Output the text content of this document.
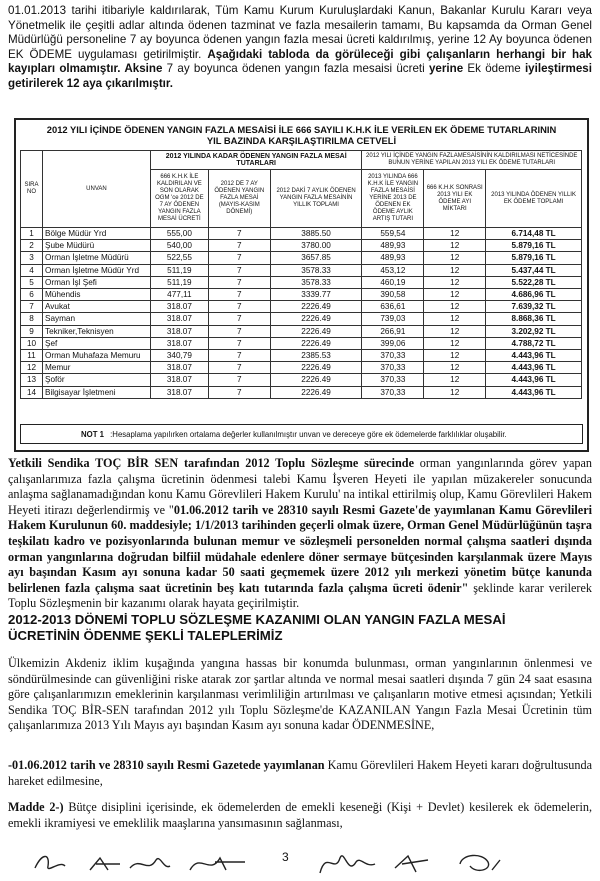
01.01.2013 tarihi itibariyle kaldırılarak, Tüm Kamu Kurum Kuruluşlardaki Kanun, Bakanlar Kurulu Kararı veya Yönetmelik ile çeşitli adlar altında ödenen tazminat ve fazla mesailerin tamamı, Bu kapsamda da Orman Genel Müdürlüğü personeline 7 ay boyunca ödenen yangın fazla mesai ücreti kaldırılmış, yerine 12 Ay boyunca ödenen EK ÖDEME uygulaması getirilmiştir. Aşağıdaki tabloda da görüleceği gibi çalışanların herhangi bir hak kayıpları olmamıştır. Aksine 7 ay boyunca ödenen yangın fazla mesaisi ücreti yerine Ek ödeme iyileştirmesi getirilerek 12 aya çıkarılmıştır.

2012 YILI İÇİNDE ÖDENEN YANGIN FAZLA MESAİSİ İLE 666 SAYILI K.H.K İLE VERİLEN EK ÖDEME TUTARLARININ
YIL BAZINDA KARŞILAŞTIRILMA CETVELİ
SIRA NO	UNVAN	2012 YILINDA KADAR ÖDENEN YANGIN FAZLA MESAİ TUTARLARI			2012 YILI İÇİNDE YANGIN FAZLAMESAİSİNİN KALDIRILMASI NETİCESİNDE BUNUN YERİNE YAPILAN 2013 YILI EK ÖDEME TUTARLARI		
		666 K.H.K İLE KALDIRILAN VE SON OLARAK OGM 'ce 2012 DE 7 AY ÖDENEN YANGIN FAZLA MESAİ ÜCRETİ	2012 DE 7 AY ÖDENEN YANGIN FAZLA MESAİ (MAYIS-KASIM DÖNEMİ)	2012 DAKİ 7 AYLIK ÖDENEN YANGIN FAZLA MESAİNİN YILLIK TOPLAMI	2013 YILINDA 666 K.H.K İLE YANGIN FAZLA MESAİSİ YERİNE 2013 DE ÖDENEN EK ÖDEME AYLIK ARTIŞ TUTARI	666 K.H.K SONRASI 2013 YILI EK ÖDEME AYI MİKTARI	2013 YILINDA ÖDENEN YILLIK EK ÖDEME TOPLAMI
1	Bölge Müdür Yrd	555,00	7	3885.50	559,54	12	6.714,48 TL
2	Şube Müdürü	540,00	7	3780.00	489,93	12	5.879,16 TL
3	Orman İşletme Müdürü	522,55	7	3657.85	489,93	12	5.879,16 TL
4	Orman İşletme Müdür Yrd	511,19	7	3578.33	453,12	12	5.437,44 TL
5	Orman İşl Şefi	511,19	7	3578.33	460,19	12	5.522,28 TL
6	Mühendis	477,11	7	3339.77	390,58	12	4.686,96 TL
7	Avukat	318.07	7	2226.49	636,61	12	7.639,32 TL
8	Sayman	318.07	7	2226.49	739,03	12	8.868,36 TL
9	Tekniker,Teknisyen	318.07	7	2226.49	266,91	12	3.202,92 TL
10	Şef	318.07	7	2226.49	399,06	12	4.788,72 TL
11	Orman Muhafaza Memuru	340,79	7	2385.53	370,33	12	4.443,96 TL
12	Memur	318.07	7	2226.49	370,33	12	4.443,96 TL
13	Şoför	318.07	7	2226.49	370,33	12	4.443,96 TL
14	Bilgisayar İşletmeni	318.07	7	2226.49	370,33	12	4.443,96 TL
NOT 1 :Hesaplama yapılırken ortalama değerler kullanılmıştır unvan ve dereceye göre ek ödemelerde farklılıklar oluşabilir.

Yetkili Sendika TOÇ BİR SEN tarafından 2012 Toplu Sözleşme sürecinde orman yangınlarında görev yapan çalışanlarımıza fazla çalışma ücretinin ödenmesi talebi Kamu İşveren Heyeti ile yapılan müzakereler sonucunda anlaşma sağlanamadığından konu Kamu Görevlileri Hakem Kurulu' na intikal ettirilmiş olup, Kamu Görevlileri Hakem Heyeti itirazı değerlendirmiş ve "01.06.2012 tarih ve 28310 sayılı Resmi Gazete'de yayımlanan Kamu Görevlileri Hakem Kurulunun 60. maddesiyle; 1/1/2013 tarihinden geçerli olmak üzere, Orman Genel Müdürlüğünün taşra teşkilatı kadro ve pozisyonlarında bulunan memur ve sözleşmeli personelden normal çalışma saatleri dışında orman yangınlarına doğrudan bilfiil müdahale edenlere döner sermaye bütçesinden karşılanmak üzere Mayıs ayı başından Kasım ayı sonuna kadar 50 saati geçmemek üzere 2012 yılı merkezi yönetim bütçe kanunda belirlenen fazla çalışma saat ücretinin beş katı tutarında fazla çalışma ücreti ödenir" şeklinde karar verilerek Toplu Sözleşmenin bir kazanımı olarak hayata geçirilmiştir.

2012-2013 DÖNEMİ TOPLU SÖZLEŞME KAZANIMI OLAN YANGIN FAZLA MESAİ
ÜCRETİNİN ÖDENME ŞEKLİ TALEPLERİMİZ

Ülkemizin Akdeniz iklim kuşağında yangına hassas bir konumda bulunması, orman yangınlarının önlenmesi ve söndürülmesinde can güvenliğini riske atarak zor şartlar altında ve normal mesai saatleri dışında 7 gün 24 saat esasına göre çalışanlarımızın emeklerinin karşılanması verimliliğin artırılması ve çalışanların motive etmesi açısından; Yetkili Sendika TOÇ BİR-SEN tarafından 2012 yılı Toplu Sözleşme'de KAZANILAN Yangın Fazla Mesai Ücretinin tüm çalışanlarımıza 2013 Yılı Mayıs ayı başından Kasım ayı sonuna kadar ÖDENMESİNE,

-01.06.2012 tarih ve 28310 sayılı Resmi Gazetede yayımlanan Kamu Görevlileri Hakem Heyeti kararı doğrultusunda hareket edilmesine,

Madde 2-) Bütçe disiplini içerisinde, ek ödemelerden de emekli keseneği (Kişi + Devlet) kesilerek ek ödemelerin, emekli ikramiyesi ve emeklilik maaşlarına yansımasının sağlanması,

3
